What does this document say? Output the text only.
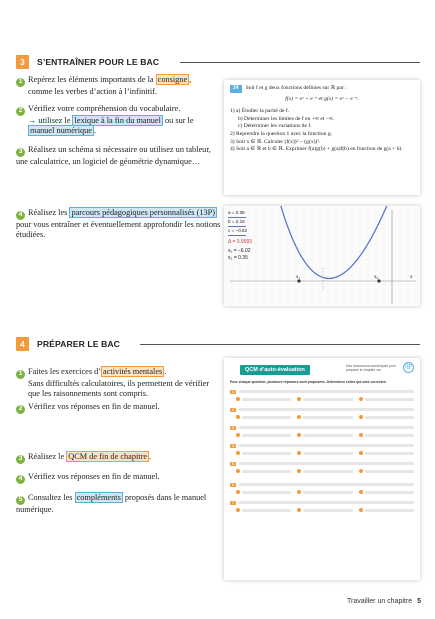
3	S’ENTRAÎNER POUR LE BAC
1 Repérez les éléments importants de la consigne ,
comme les verbes d’action à l’infinitif.
2 Vérifiez votre compréhension du vocabulaire.
→ utilisez le lexique à la fin du manuel ou sur le
manuel numérique .
3 Réalisez un schéma si nécessaire ou utilisez un tableur, une calculatrice, un logiciel de géométrie dynamique…
4 Réalisez les parcours pédagogiques personnalisés (13P) pour vous entraîner et éventuellement approfondir les notions étudiées.
24 Soit f et g deux fonctions définies sur ℝ par :
f(x) = eˣ + e⁻ˣ et g(x) = eˣ − e⁻ˣ.
1) a) Étudier la parité de f.
b) Déterminer les limites de f en +∞ et −∞.
c) Déterminer les variations de f.
2) Reprendre la question 1 avec la fonction g.
3) Soit x ∈ ℝ. Calculer (f(x))² − (g(x))².
4) Soit a ∈ ℝ et b ∈ ℝ. Exprimer f(a)g(b) + g(a)f(b) en fonction de g(a + b).
x₁	x₂	x
a = 0.38
b = 2.16
c = −0.62
Δ = 3.9993
x₁ = −6.02
x₂ = 0.35
4	PRÉPARER LE BAC
1 Faites les exercices d’ activités mentales .
Sans difficultés calculatoires, ils permettent de vérifier que les raisonnements sont compris.
2 Vérifiez vos réponses en fin de manuel.
3 Réalisez le QCM de fin de chapitre .
4 Vérifiez vos réponses en fin de manuel.
5 Consultez les compléments proposés dans le manuel numérique.
QCM d’auto-évaluation
Des ressources numériques pour préparer le chapitre sur	@
Pour chaque question, plusieurs réponses sont proposées. Déterminez celles qui sont correctes.
1
2
3
4
5
6
7
Travailler un chapitre 5
